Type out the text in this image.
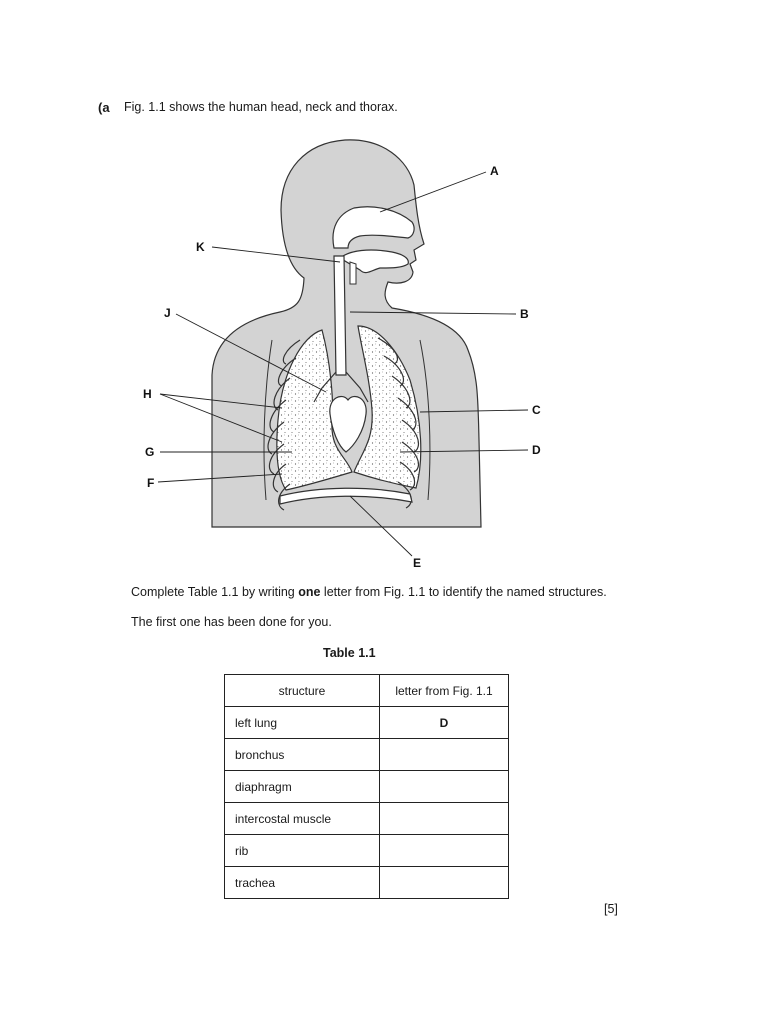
(a Fig. 1.1 shows the human head, neck and thorax.
A
K
B
J
H
C
G	D
F
E
Complete Table 1.1 by writing one letter from Fig. 1.1 to identify the named structures.
The first one has been done for you.
Table 1.1
structure	letter from Fig. 1.1
left lung	D
bronchus	
diaphragm	
intercostal muscle	
rib	
trachea	
[5]
